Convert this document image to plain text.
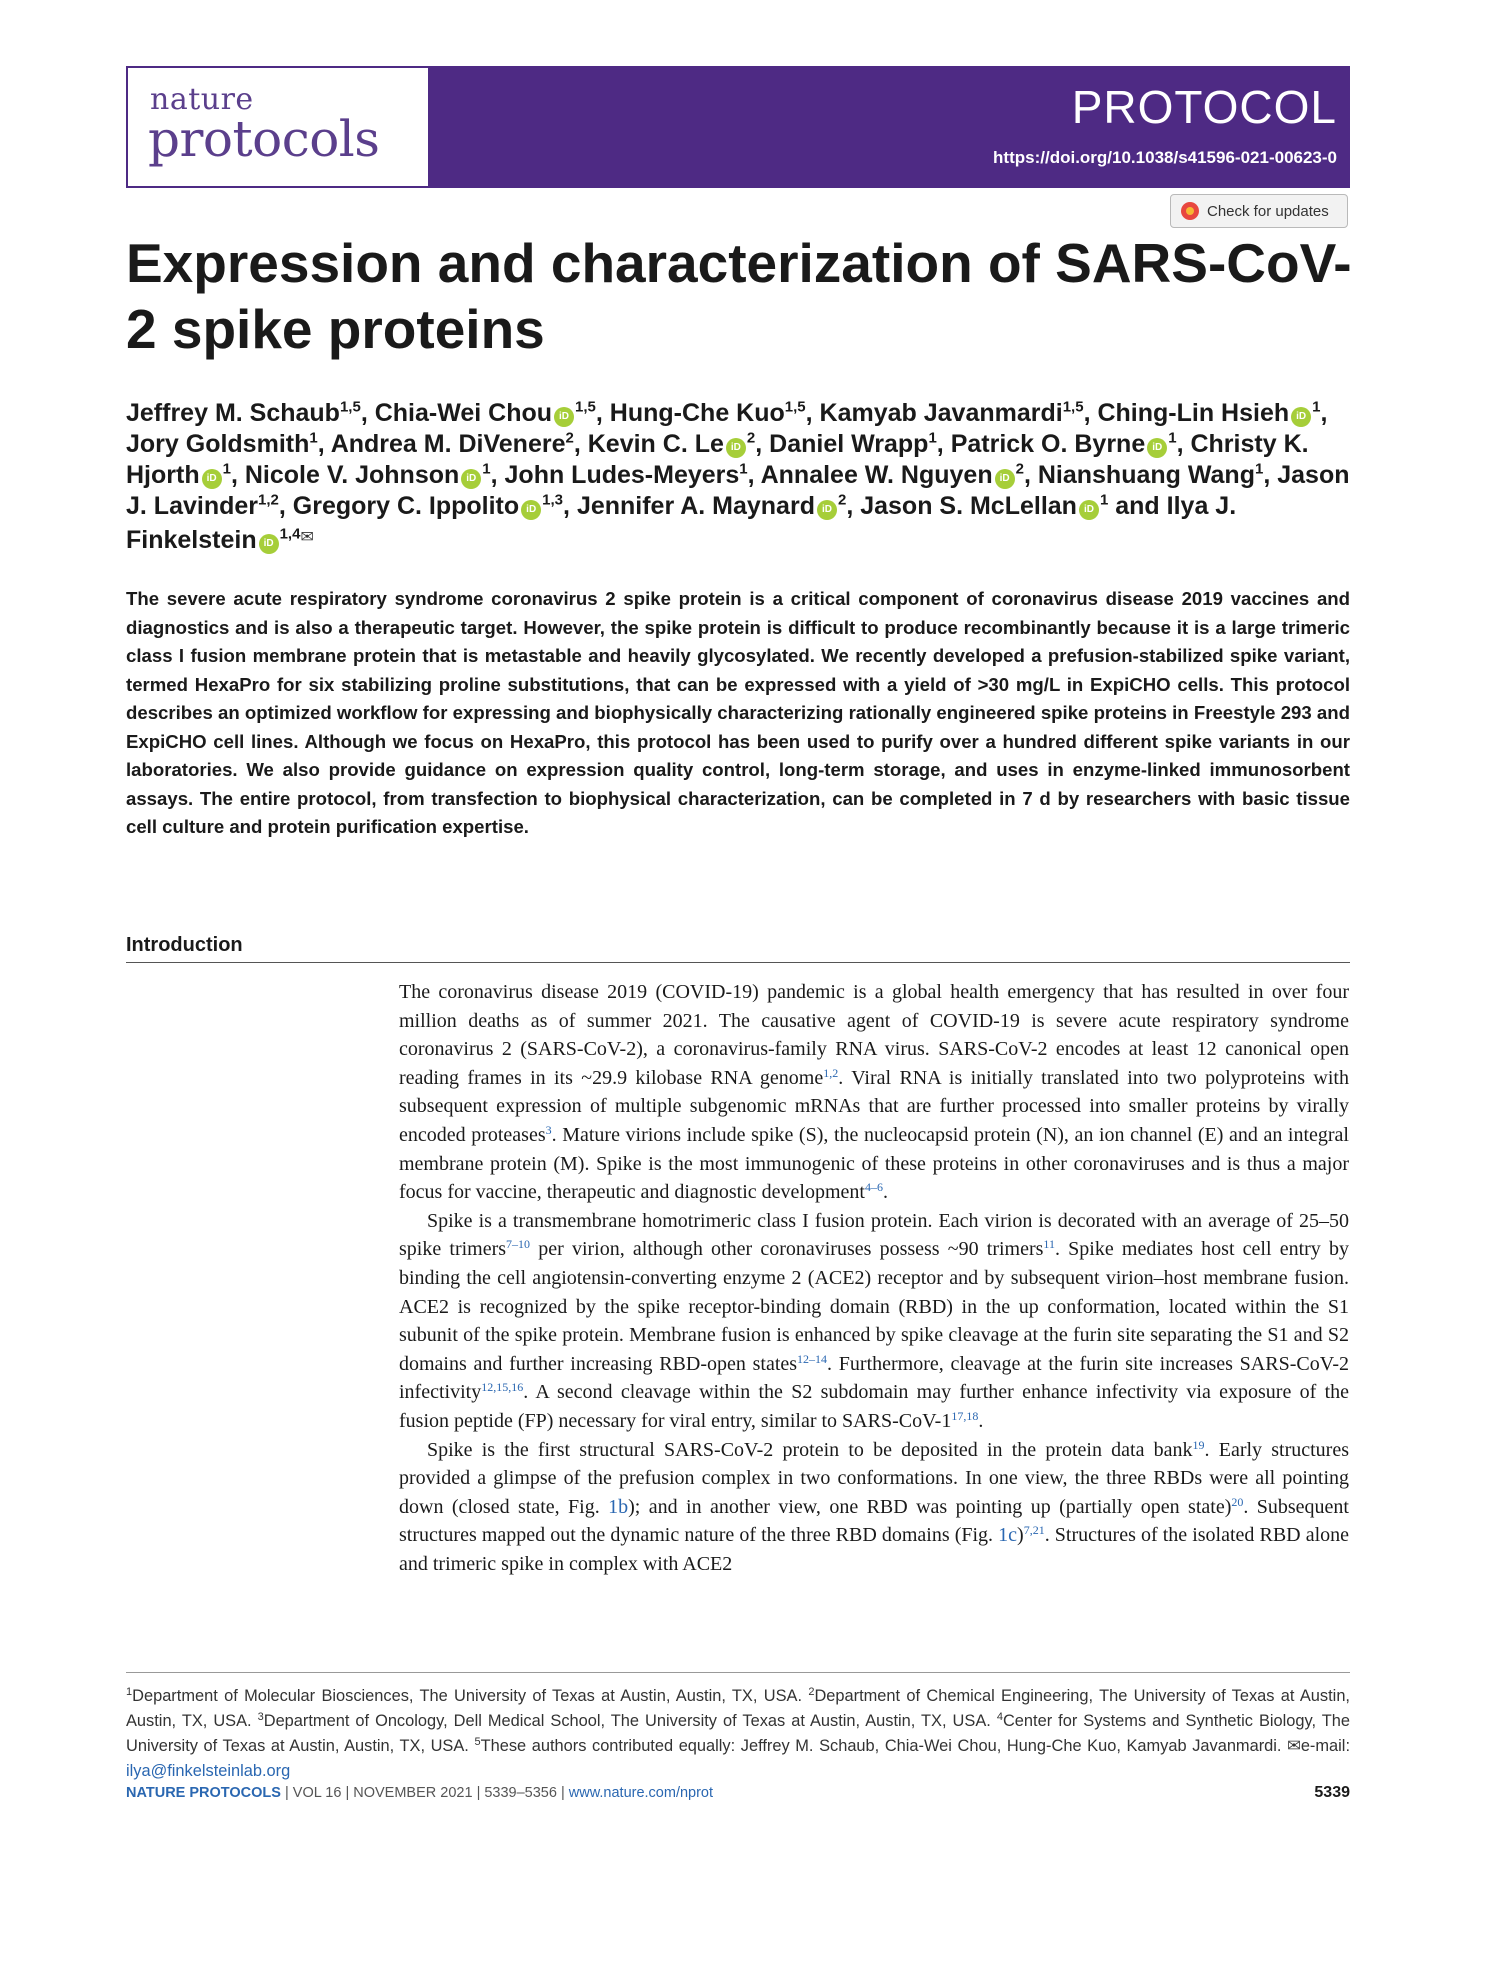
nature
protocols
PROTOCOL
https://doi.org/10.1038/s41596-021-00623-0
Check for updates
Expression and characterization of SARS-CoV-2 spike proteins
Jeffrey M. Schaub$^{1,5}$, Chia-Wei Chou iD$^{1,5}$, Hung-Che Kuo$^{1,5}$, Kamyab Javanmardi$^{1,5}$, Ching-Lin Hsieh $iD^1$, Jory Goldsmith$^1$, Andrea M. DiVenere$^2$, Kevin C. Le $iD^2$, Daniel Wrapp$^1$, Patrick O. Byrne $iD^1$, Christy K. Hjorth $iD^1$, Nicole V. Johnson $iD^1$, John Ludes-Meyers$^1$, Annalee W. Nguyen $iD^2$, Nianshuang Wang$^1$, Jason J. Lavinder$^{1,2}$, Gregory C. Ippolito iD$^{1,3}$, Jennifer A. Maynard $iD^2$, Jason S. McLellan $iD^1$ and Ilya J. Finkelstein $iD^{1,4✉}$
The severe acute respiratory syndrome coronavirus 2 spike protein is a critical component of coronavirus disease 2019 vaccines and diagnostics and is also a therapeutic target. However, the spike protein is difficult to produce recombinantly because it is a large trimeric class I fusion membrane protein that is metastable and heavily glycosylated. We recently developed a prefusion-stabilized spike variant, termed HexaPro for six stabilizing proline substitutions, that can be expressed with a yield of >30 mg/L in ExpiCHO cells. This protocol describes an optimized workflow for expressing and biophysically characterizing rationally engineered spike proteins in Freestyle 293 and ExpiCHO cell lines. Although we focus on HexaPro, this protocol has been used to purify over a hundred different spike variants in our laboratories. We also provide guidance on expression quality control, long-term storage, and uses in enzyme-linked immunosorbent assays. The entire protocol, from transfection to biophysical characterization, can be completed in 7 d by researchers with basic tissue cell culture and protein purification expertise.
Introduction

The coronavirus disease 2019 (COVID-19) pandemic is a global health emergency that has resulted in over four million deaths as of summer 2021. The causative agent of COVID-19 is severe acute respiratory syndrome coronavirus 2 (SARS-CoV-2), a coronavirus-family RNA virus. SARS-CoV-2 encodes at least 12 canonical open reading frames in its ~29.9 kilobase RNA genome$^{1,2}$. Viral RNA is initially translated into two polyproteins with subsequent expression of multiple subgenomic mRNAs that are further processed into smaller proteins by virally encoded proteases$^3$. Mature virions include spike (S), the nucleocapsid protein (N), an ion channel (E) and an integral membrane protein (M). Spike is the most immunogenic of these proteins in other coronaviruses and is thus a major focus for vaccine, therapeutic and diagnostic development$^{4-6}$.

Spike is a transmembrane homotrimeric class I fusion protein. Each virion is decorated with an average of 25–50 spike trimers$^{7-10}$ per virion, although other coronaviruses possess ~90 trimers$^{11}$. Spike mediates host cell entry by binding the cell angiotensin-converting enzyme 2 (ACE2) receptor and by subsequent virion–host membrane fusion. ACE2 is recognized by the spike receptor-binding domain (RBD) in the up conformation, located within the S1 subunit of the spike protein. Membrane fusion is enhanced by spike cleavage at the furin site separating the S1 and S2 domains and further increasing RBD-open states$^{12-14}$. Furthermore, cleavage at the furin site increases SARS-CoV-2 infectivity$^{12,15,16}$. A second cleavage within the S2 subdomain may further enhance infectivity via exposure of the fusion peptide (FP) necessary for viral entry, similar to SARS-CoV-1$^{17,18}$.

Spike is the first structural SARS-CoV-2 protein to be deposited in the protein data bank$^{19}$. Early structures provided a glimpse of the prefusion complex in two conformations. In one view, the three RBDs were all pointing down (closed state, Fig. 1b); and in another view, one RBD was pointing up (partially open state)$^{20}$. Subsequent structures mapped out the dynamic nature of the three RBD domains (Fig. 1c)$^{7,21}$. Structures of the isolated RBD alone and trimeric spike in complex with ACE2

$^1$Department of Molecular Biosciences, The University of Texas at Austin, Austin, TX, USA. $^2$Department of Chemical Engineering, The University of Texas at Austin, Austin, TX, USA. $^3$Department of Oncology, Dell Medical School, The University of Texas at Austin, Austin, TX, USA. $^4$Center for Systems and Synthetic Biology, The University of Texas at Austin, Austin, TX, USA. $^5$These authors contributed equally: Jeffrey M. Schaub, Chia-Wei Chou, Hung-Che Kuo, Kamyab Javanmardi. ✉e-mail: ilya@finkelsteinlab.org
NATURE PROTOCOLS | VOL 16 | NOVEMBER 2021 | 5339–5356 | www.nature.com/nprot	5339
